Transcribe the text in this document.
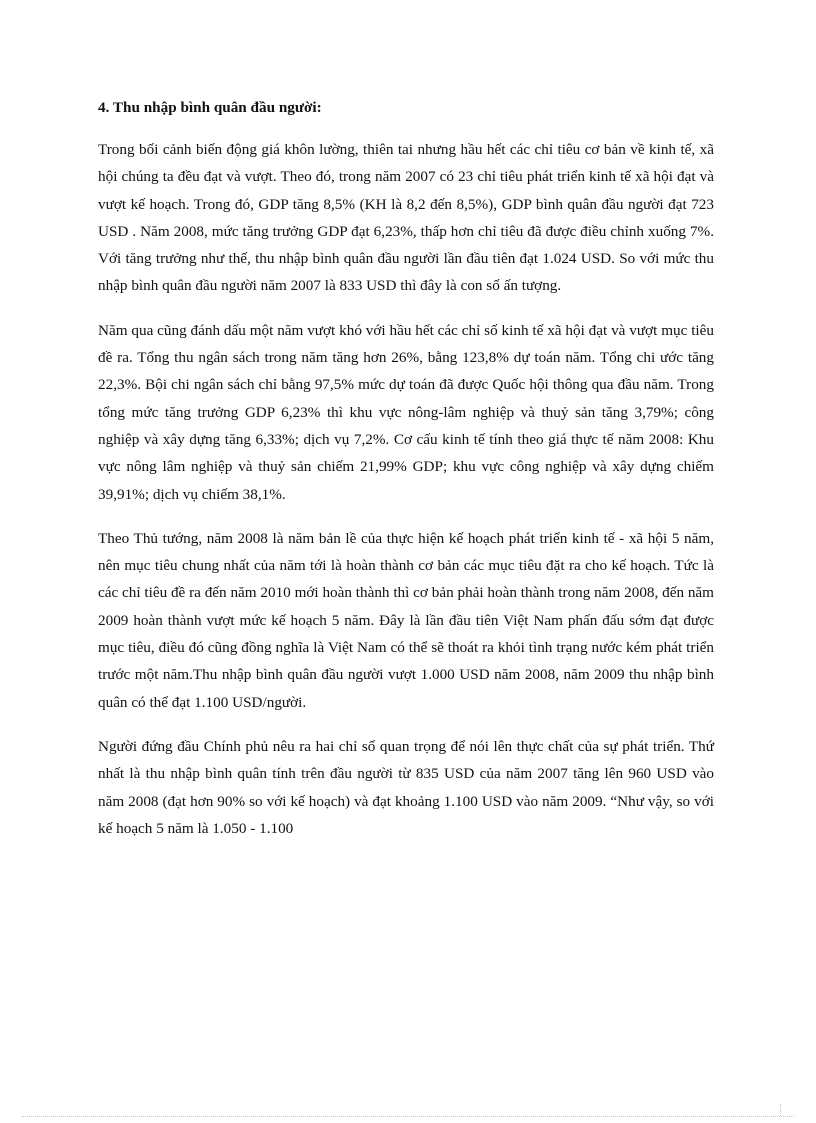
4. Thu nhập bình quân đầu người:

Trong bối cảnh biến động giá khôn lường, thiên tai nhưng hầu hết các chỉ tiêu cơ bản về kinh tế, xã hội chúng ta đều đạt và vượt. Theo đó, trong năm 2007 có 23 chỉ tiêu phát triển kinh tế xã hội đạt và vượt kế hoạch. Trong đó, GDP tăng 8,5% (KH là 8,2 đến 8,5%), GDP bình quân đầu người đạt 723 USD . Năm 2008, mức tăng trưởng GDP đạt 6,23%, thấp hơn chỉ tiêu đã được điều chỉnh xuống 7%. Với tăng trưởng như thế, thu nhập bình quân đầu người lần đầu tiên đạt 1.024 USD. So với mức thu nhập bình quân đầu người năm 2007 là 833 USD thì đây là con số ấn tượng.

Năm qua cũng đánh dấu một năm vượt khó với hầu hết các chỉ số kinh tế xã hội đạt và vượt mục tiêu đề ra. Tổng thu ngân sách trong năm tăng hơn 26%, bằng 123,8% dự toán năm. Tổng chi ước tăng 22,3%. Bội chi ngân sách chỉ bằng 97,5% mức dự toán đã được Quốc hội thông qua đầu năm. Trong tổng mức tăng trưởng GDP 6,23% thì khu vực nông-lâm nghiệp và thuỷ sản tăng 3,79%; công nghiệp và xây dựng tăng 6,33%; dịch vụ 7,2%. Cơ cấu kinh tế tính theo giá thực tế năm 2008: Khu vực nông lâm nghiệp và thuỷ sản chiếm 21,99% GDP; khu vực công nghiệp và xây dựng chiếm 39,91%; dịch vụ chiếm 38,1%.

Theo Thủ tướng, năm 2008 là năm bản lề của thực hiện kế hoạch phát triển kinh tế - xã hội 5 năm, nên mục tiêu chung nhất của năm tới là hoàn thành cơ bản các mục tiêu đặt ra cho kế hoạch. Tức là các chỉ tiêu đề ra đến năm 2010 mới hoàn thành thì cơ bản phải hoàn thành trong năm 2008, đến năm 2009 hoàn thành vượt mức kế hoạch 5 năm. Đây là lần đầu tiên Việt Nam phấn đấu sớm đạt được mục tiêu, điều đó cũng đồng nghĩa là Việt Nam có thể sẽ thoát ra khỏi tình trạng nước kém phát triển trước một năm.Thu nhập bình quân đầu người vượt 1.000 USD năm 2008, năm 2009 thu nhập bình quân có thể đạt 1.100 USD/người.

Người đứng đầu Chính phủ nêu ra hai chỉ số quan trọng để nói lên thực chất của sự phát triển. Thứ nhất là thu nhập bình quân tính trên đầu người từ 835 USD của năm 2007 tăng lên 960 USD vào năm 2008 (đạt hơn 90% so với kế hoạch) và đạt khoảng 1.100 USD vào năm 2009. “Như vậy, so với kế hoạch 5 năm là 1.050 - 1.100
